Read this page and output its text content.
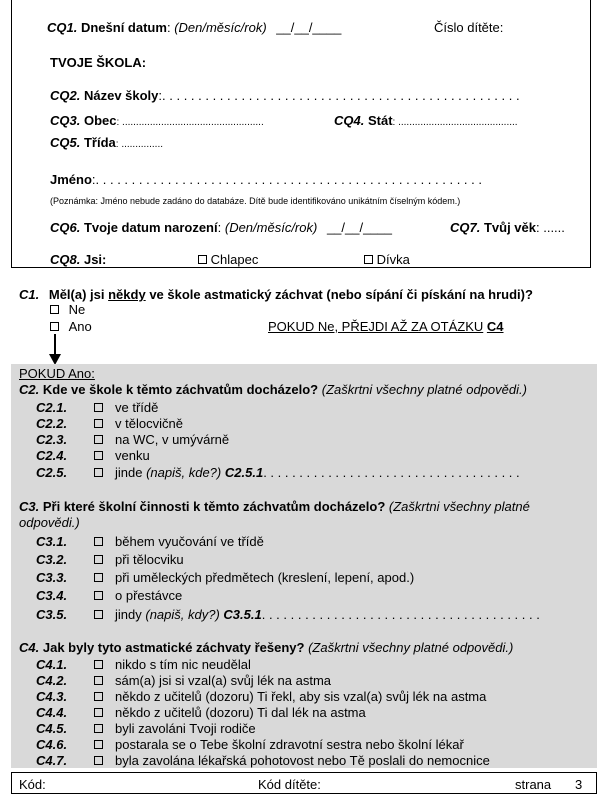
CQ1. Dnešní datum: (Den/měsíc/rok) __/__/____	Číslo dítěte:
TVOJE ŠKOLA:
CQ2. Název školy:. . . . . . . . . . . . . . . . . . . . . . . . . . . . . . . . . . . . . . . . . . . . . . . . . .
CQ3. Obec: ...................................................	CQ4. Stát: ...........................................
CQ5. Třída: ...............
Jméno:. . . . . . . . . . . . . . . . . . . . . . . . . . . . . . . . . . . . . . . . . . . . . . . . . . . . . .
(Poznámka: Jméno nebude zadáno do databáze. Dítě bude identifikováno unikátním číselným kódem.)
CQ6. Tvoje datum narození: (Den/měsíc/rok) __/__/____	CQ7. Tvůj věk: ......
CQ8. Jsi:	Chlapec	Dívka
C1. Měl(a) jsi někdy ve škole astmatický záchvat (nebo sípání či pískání na hrudi)?
Ne
Ano	POKUD Ne, PŘEJDI AŽ ZA OTÁZKU C4
POKUD Ano:
C2. Kde ve škole k těmto záchvatům docházelo? (Zaškrtni všechny platné odpovědi.)
C2.1.	ve třídě
C2.2.	v tělocvičně
C2.3.	na WC, v umývárně
C2.4.	venku
C2.5.	jinde (napiš, kde?) C2.5.1. . . . . . . . . . . . . . . . . . . . . . . . . . . . . . . . . . . .
C3. Při které školní činnosti k těmto záchvatům docházelo? (Zaškrtni všechny platné
odpovědi.)
C3.1.	během vyučování ve třídě
C3.2.	při tělocviku
C3.3.	při uměleckých předmětech (kreslení, lepení, apod.)
C3.4.	o přestávce
C3.5.	jindy (napiš, kdy?) C3.5.1. . . . . . . . . . . . . . . . . . . . . . . . . . . . . . . . . . . . . . .
C4. Jak byly tyto astmatické záchvaty řešeny? (Zaškrtni všechny platné odpovědi.)
C4.1.	nikdo s tím nic neudělal
C4.2.	sám(a) jsi si vzal(a) svůj lék na astma
C4.3.	někdo z učitelů (dozoru) Ti řekl, aby sis vzal(a) svůj lék na astma
C4.4.	někdo z učitelů (dozoru) Ti dal lék na astma
C4.5.	byli zavoláni Tvoji rodiče
C4.6.	postarala se o Tebe školní zdravotní sestra nebo školní lékař
C4.7.	byla zavolána lékařská pohotovost nebo Tě poslali do nemocnice
Kód:	Kód dítěte:	strana 3
